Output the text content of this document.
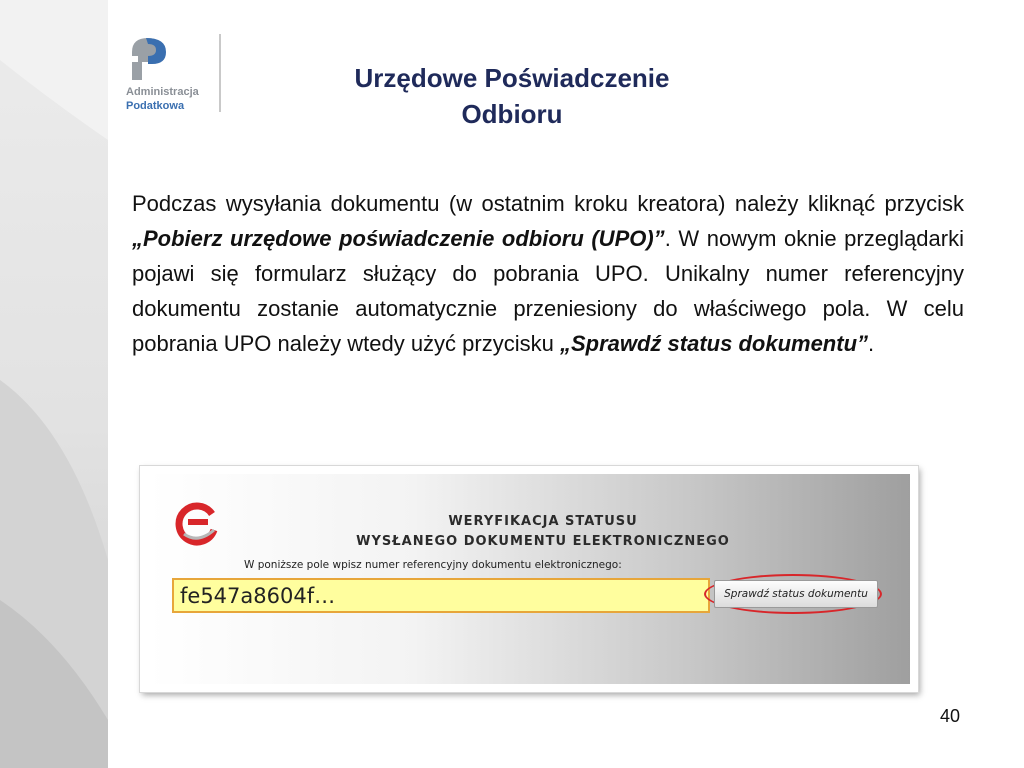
Administracja
Podatkowa
Urzędowe Poświadczenie
Odbioru
Podczas wysyłania dokumentu (w ostatnim kroku kreatora) należy kliknąć przycisk „Pobierz urzędowe poświadczenie odbioru (UPO)”. W nowym oknie przeglądarki pojawi się formularz służący do pobrania UPO. Unikalny numer referencyjny dokumentu zostanie automatycznie przeniesiony do właściwego pola. W celu pobrania UPO należy wtedy użyć przycisku „Sprawdź status dokumentu”.
WERYFIKACJA STATUSU
WYSŁANEGO DOKUMENTU ELEKTRONICZNEGO
W poniższe pole wpisz numer referencyjny dokumentu elektronicznego:
fe547a8604f…	Sprawdź status dokumentu
40
